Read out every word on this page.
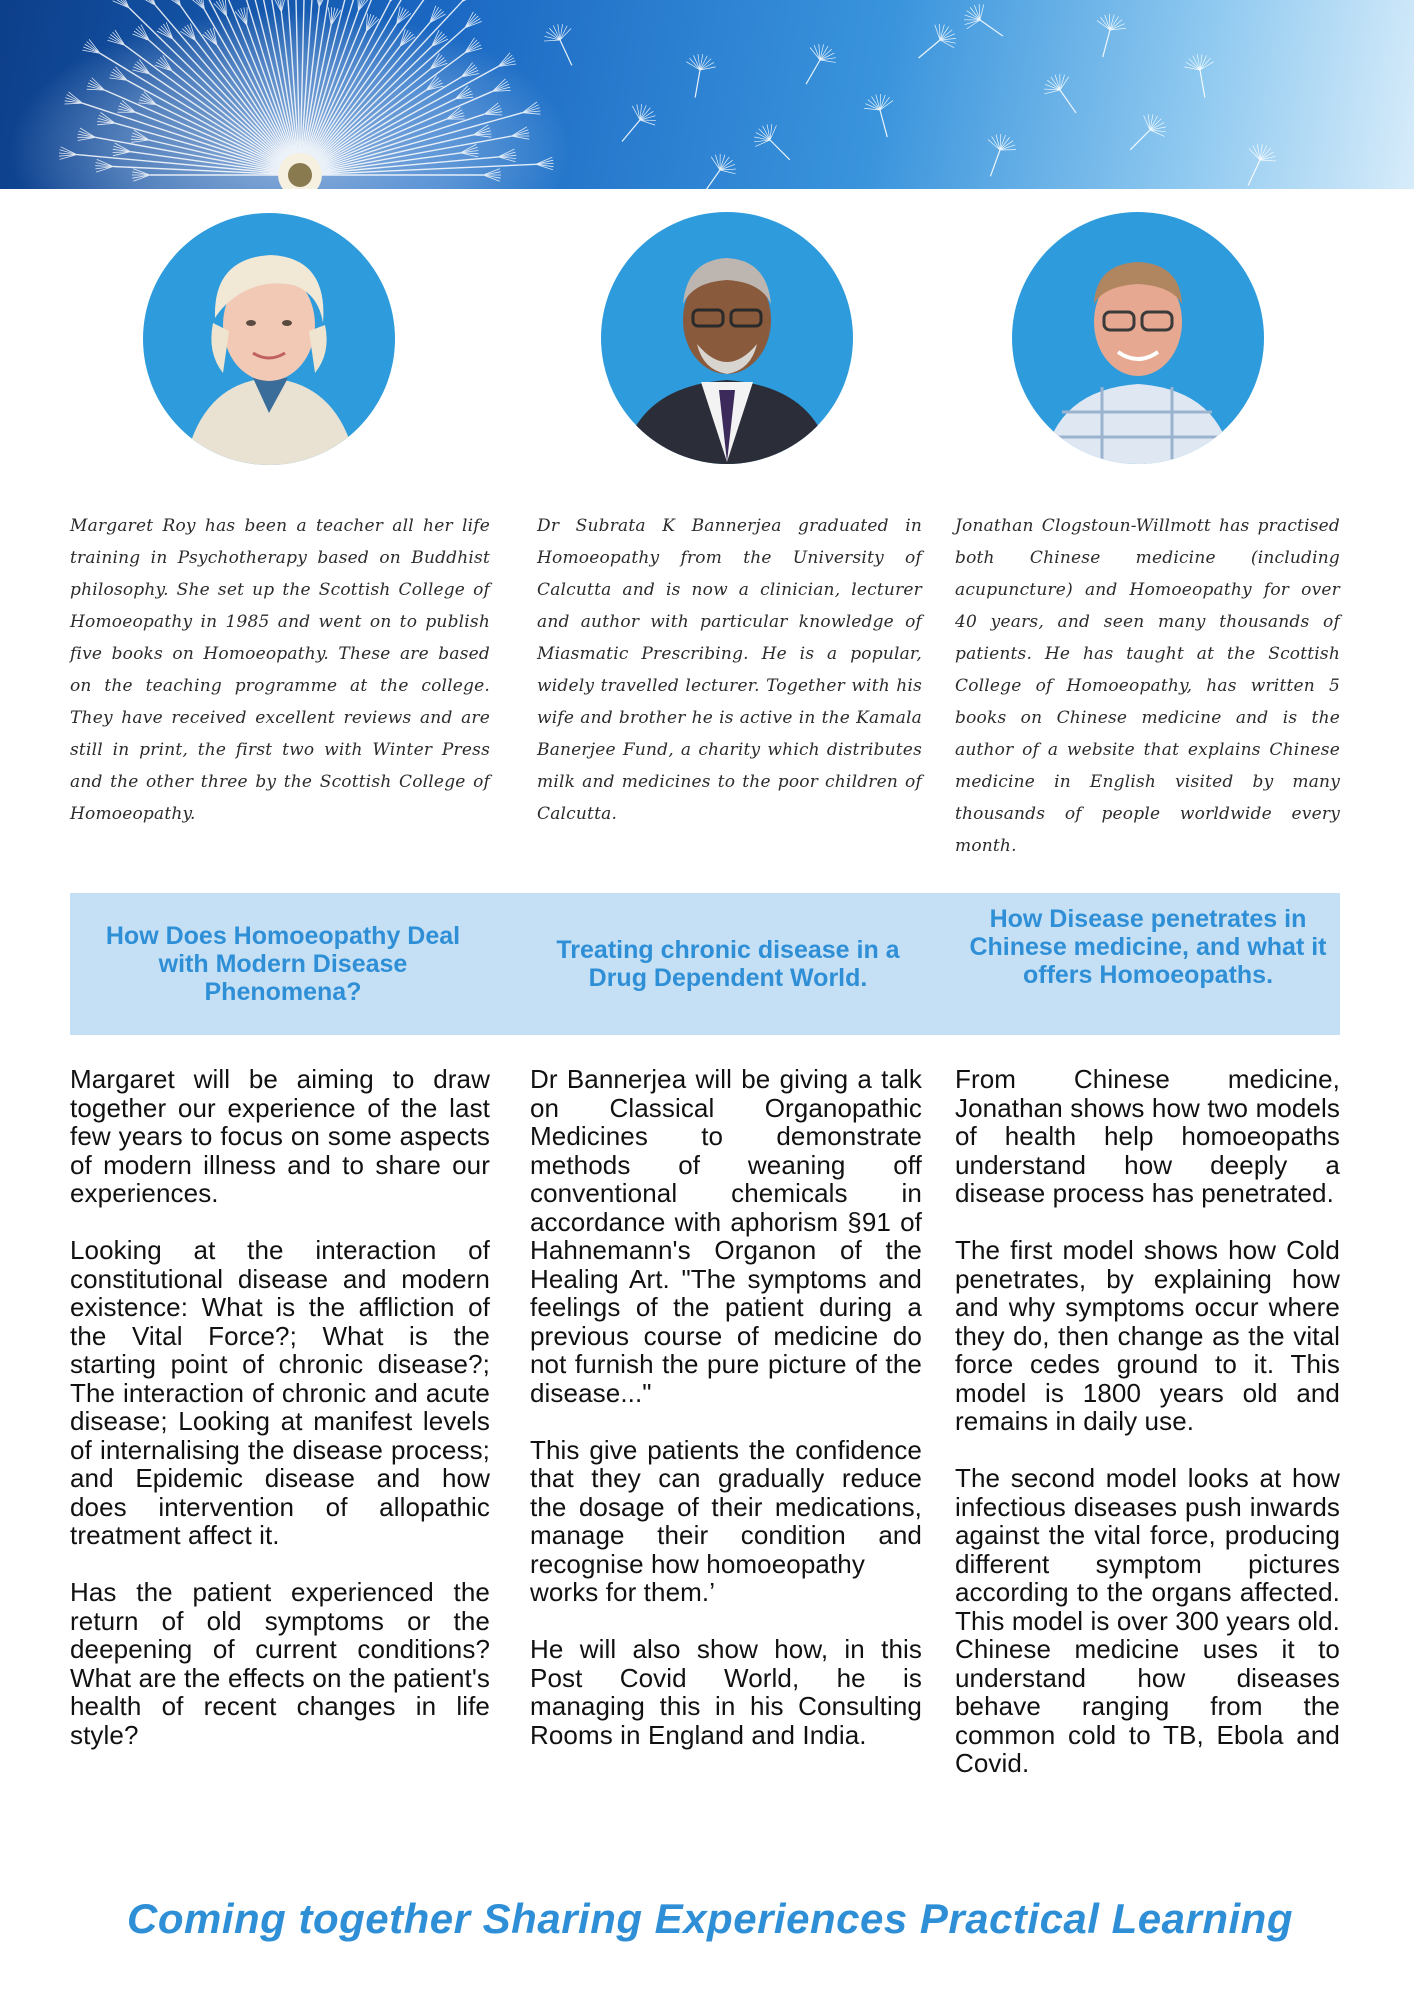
Margaret Roy has been a teacher all her life training in Psychotherapy based on Buddhist philosophy. She set up the Scottish College of Homoeopathy in 1985 and went on to publish five books on Homoeopathy. These are based on the teaching programme at the college. They have received excellent reviews and are still in print, the first two with Winter Press and the other three by the Scottish College of Homoeopathy.

Dr Subrata K Bannerjea graduated in Homoeopathy from the University of Calcutta and is now a clinician, lecturer and author with particular knowledge of Miasmatic Prescribing. He is a popular, widely travelled lecturer. Together with his wife and brother he is active in the Kamala Banerjee Fund, a charity which distributes milk and medicines to the poor children of Calcutta.

Jonathan Clogstoun-Willmott has practised both Chinese medicine (including acupuncture) and Homoeopathy for over 40 years, and seen many thousands of patients. He has taught at the Scottish College of Homoeopathy, has written 5 books on Chinese medicine and is the author of a website that explains Chinese medicine in English visited by many thousands of people worldwide every month.

How Does Homoeopathy Deal with Modern Disease Phenomena?
Treating chronic disease in a Drug Dependent World.
How Disease penetrates in Chinese medicine, and what it offers Homoeopaths.

Margaret will be aiming to draw together our experience of the last few years to focus on some aspects of modern illness and to share our experiences.

Looking at the interaction of constitutional disease and modern existence: What is the affliction of the Vital Force?; What is the starting point of chronic disease?; The interaction of chronic and acute disease; Looking at manifest levels of internalising the disease process; and Epidemic disease and how does intervention of allopathic treatment affect it.

Has the patient experienced the return of old symptoms or the deepening of current conditions? What are the effects on the patient's health of recent changes in life style?

Dr Bannerjea will be giving a talk on Classical Organopathic Medicines to demonstrate methods of weaning off conventional chemicals in accordance with aphorism §91 of Hahnemann's Organon of the Healing Art. "The symptoms and feelings of the patient during a previous course of medicine do not furnish the pure picture of the disease..."

This give patients the confidence that they can gradually reduce the dosage of their medications, manage their condition and recognise how homoeopathy
works for them.’

He will also show how, in this Post Covid World, he is managing this in his Consulting Rooms in England and India.

From Chinese medicine, Jonathan shows how two models of health help homoeopaths understand how deeply a disease process has penetrated.

The first model shows how Cold penetrates, by explaining how and why symptoms occur where they do, then change as the vital force cedes ground to it. This model is 1800 years old and remains in daily use.

The second model looks at how infectious diseases push inwards against the vital force, producing different symptom pictures according to the organs affected. This model is over 300 years old. Chinese medicine uses it to understand how diseases behave ranging from the common cold to TB, Ebola and Covid.

Coming together Sharing Experiences Practical Learning
